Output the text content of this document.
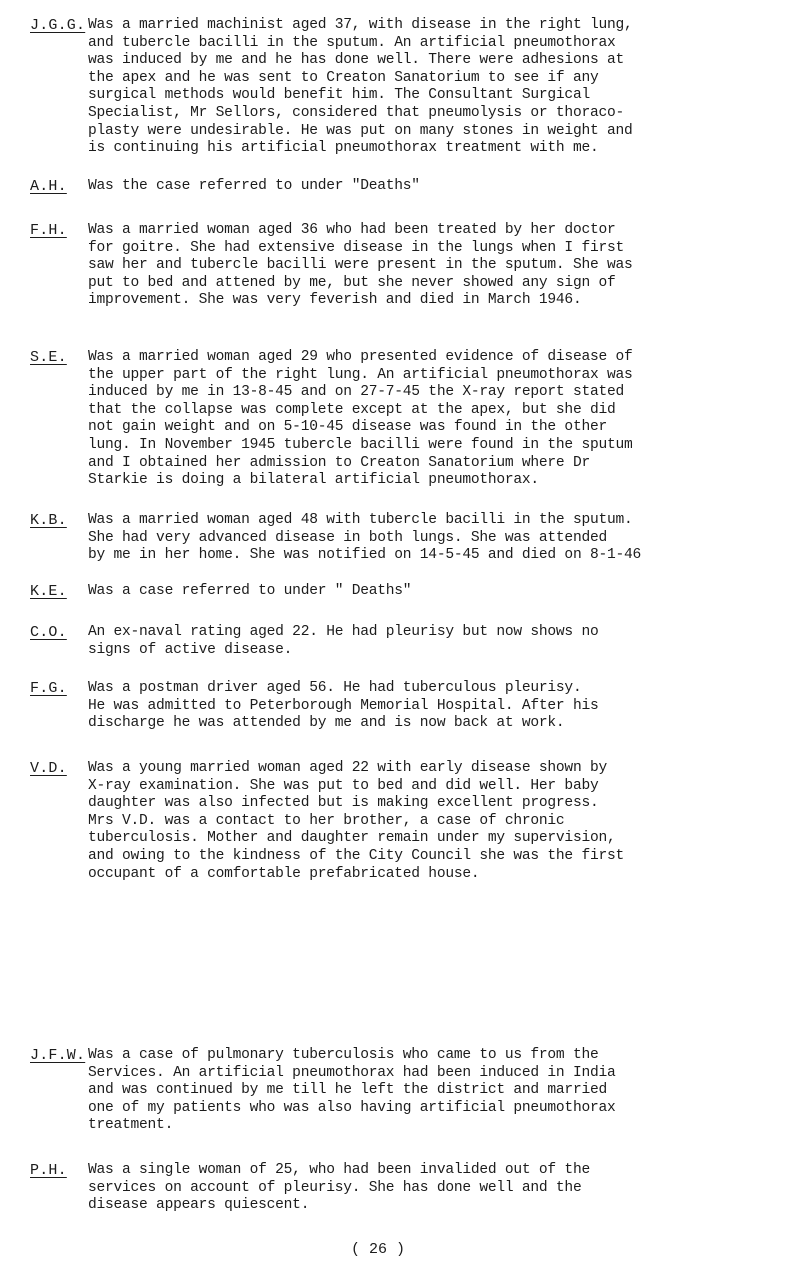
J.G.G. Was a married machinist aged 37, with disease in the right lung,
and tubercle bacilli in the sputum. An artificial pneumothorax
was induced by me and he has done well. There were adhesions at
the apex and he was sent to Creaton Sanatorium to see if any
surgical methods would benefit him. The Consultant Surgical
Specialist, Mr Sellors, considered that pneumolysis or thoraco-
plasty were undesirable. He was put on many stones in weight and
is continuing his artificial pneumothorax treatment with me.
A.H. Was the case referred to under "Deaths"
F.H. Was a married woman aged 36 who had been treated by her doctor
for goitre. She had extensive disease in the lungs when I first
saw her and tubercle bacilli were present in the sputum. She was
put to bed and attened by me, but she never showed any sign of
improvement. She was very feverish and died in March 1946.
S.E. Was a married woman aged 29 who presented evidence of disease of
the upper part of the right lung. An artificial pneumothorax was
induced by me in 13-8-45 and on 27-7-45 the X-ray report stated
that the collapse was complete except at the apex, but she did
not gain weight and on 5-10-45 disease was found in the other
lung. In November 1945 tubercle bacilli were found in the sputum
and I obtained her admission to Creaton Sanatorium where Dr
Starkie is doing a bilateral artificial pneumothorax.
K.B. Was a married woman aged 48 with tubercle bacilli in the sputum.
She had very advanced disease in both lungs. She was attended
by me in her home. She was notified on 14-5-45 and died on 8-1-46
K.E. Was a case referred to under " Deaths"
C.O. An ex-naval rating aged 22. He had pleurisy but now shows no
signs of active disease.
F.G. Was a postman driver aged 56. He had tuberculous pleurisy.
He was admitted to Peterborough Memorial Hospital. After his
discharge he was attended by me and is now back at work.
V.D. Was a young married woman aged 22 with early disease shown by
X-ray examination. She was put to bed and did well. Her baby
daughter was also infected but is making excellent progress.
Mrs V.D. was a contact to her brother, a case of chronic
tuberculosis. Mother and daughter remain under my supervision,
and owing to the kindness of the City Council she was the first
occupant of a comfortable prefabricated house.
J.F.W. Was a case of pulmonary tuberculosis who came to us from the
Services. An artificial pneumothorax had been induced in India
and was continued by me till he left the district and married
one of my patients who was also having artificial pneumothorax
treatment.
P.H. Was a single woman of 25, who had been invalided out of the
services on account of pleurisy. She has done well and the
disease appears quiescent.
( 26 )
